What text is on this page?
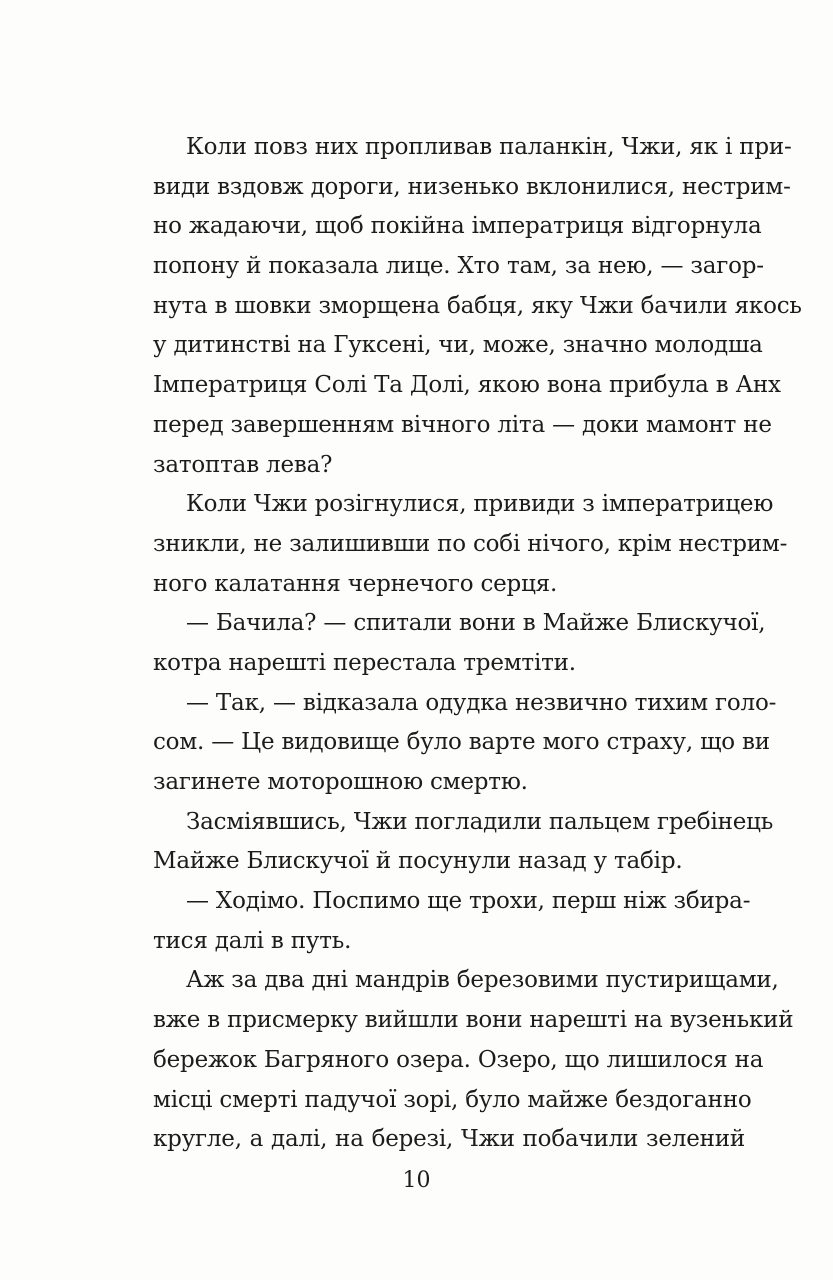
Коли повз них пропливав паланкін, Чжи, як і при-
види вздовж дороги, низенько вклонилися, нестрим-
но жадаючи, щоб покійна імператриця відгорнула
попону й показала лице. Хто там, за нею, — загор-
нута в шовки зморщена бабця, яку Чжи бачили якось
у дитинстві на Гуксені, чи, може, значно молодша
Імператриця Солі Та Долі, якою вона прибула в Анх
перед завершенням вічного літа — доки мамонт не
затоптав лева?
Коли Чжи розігнулися, привиди з імператрицею
зникли, не залишивши по собі нічого, крім нестрим-
ного калатання чернечого серця.
— Бачила? — спитали вони в Майже Блискучої,
котра нарешті перестала тремтіти.
— Так, — відказала одудка незвично тихим голо-
сом. — Це видовище було варте мого страху, що ви
загинете моторошною смертю.
Засміявшись, Чжи погладили пальцем гребінець
Майже Блискучої й посунули назад у табір.
— Ходімо. Поспимо ще трохи, перш ніж збира-
тися далі в путь.
Аж за два дні мандрів березовими пустирищами,
вже в присмерку вийшли вони нарешті на вузенький
бережок Багряного озера. Озеро, що лишилося на
місці смерті падучої зорі, було майже бездоганно
кругле, а далі, на березі, Чжи побачили зелений
10
